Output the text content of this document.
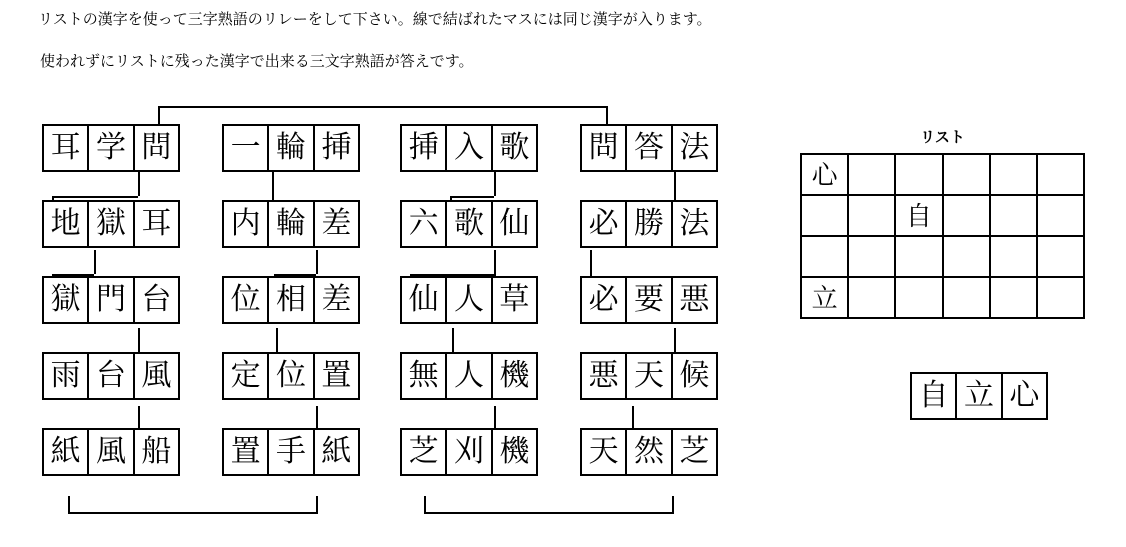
リストの漢字を使って三字熟語のリレーをして下さい。線で結ばれたマスには同じ漢字が入ります。

使われずにリストに残った漢字で出来る三文字熟語が答えです。

耳 学 問
地 獄 耳
獄 門 台
雨 台 風
紙 風 船
一 輪 挿
内 輪 差
位 相 差
定 位 置
置 手 紙
挿 入 歌
六 歌 仙
仙 人 草
無 人 機
芝 刈 機
問 答 法
必 勝 法
必 要 悪
悪 天 候
天 然 芝
リスト
心
自
立
自 立 心
